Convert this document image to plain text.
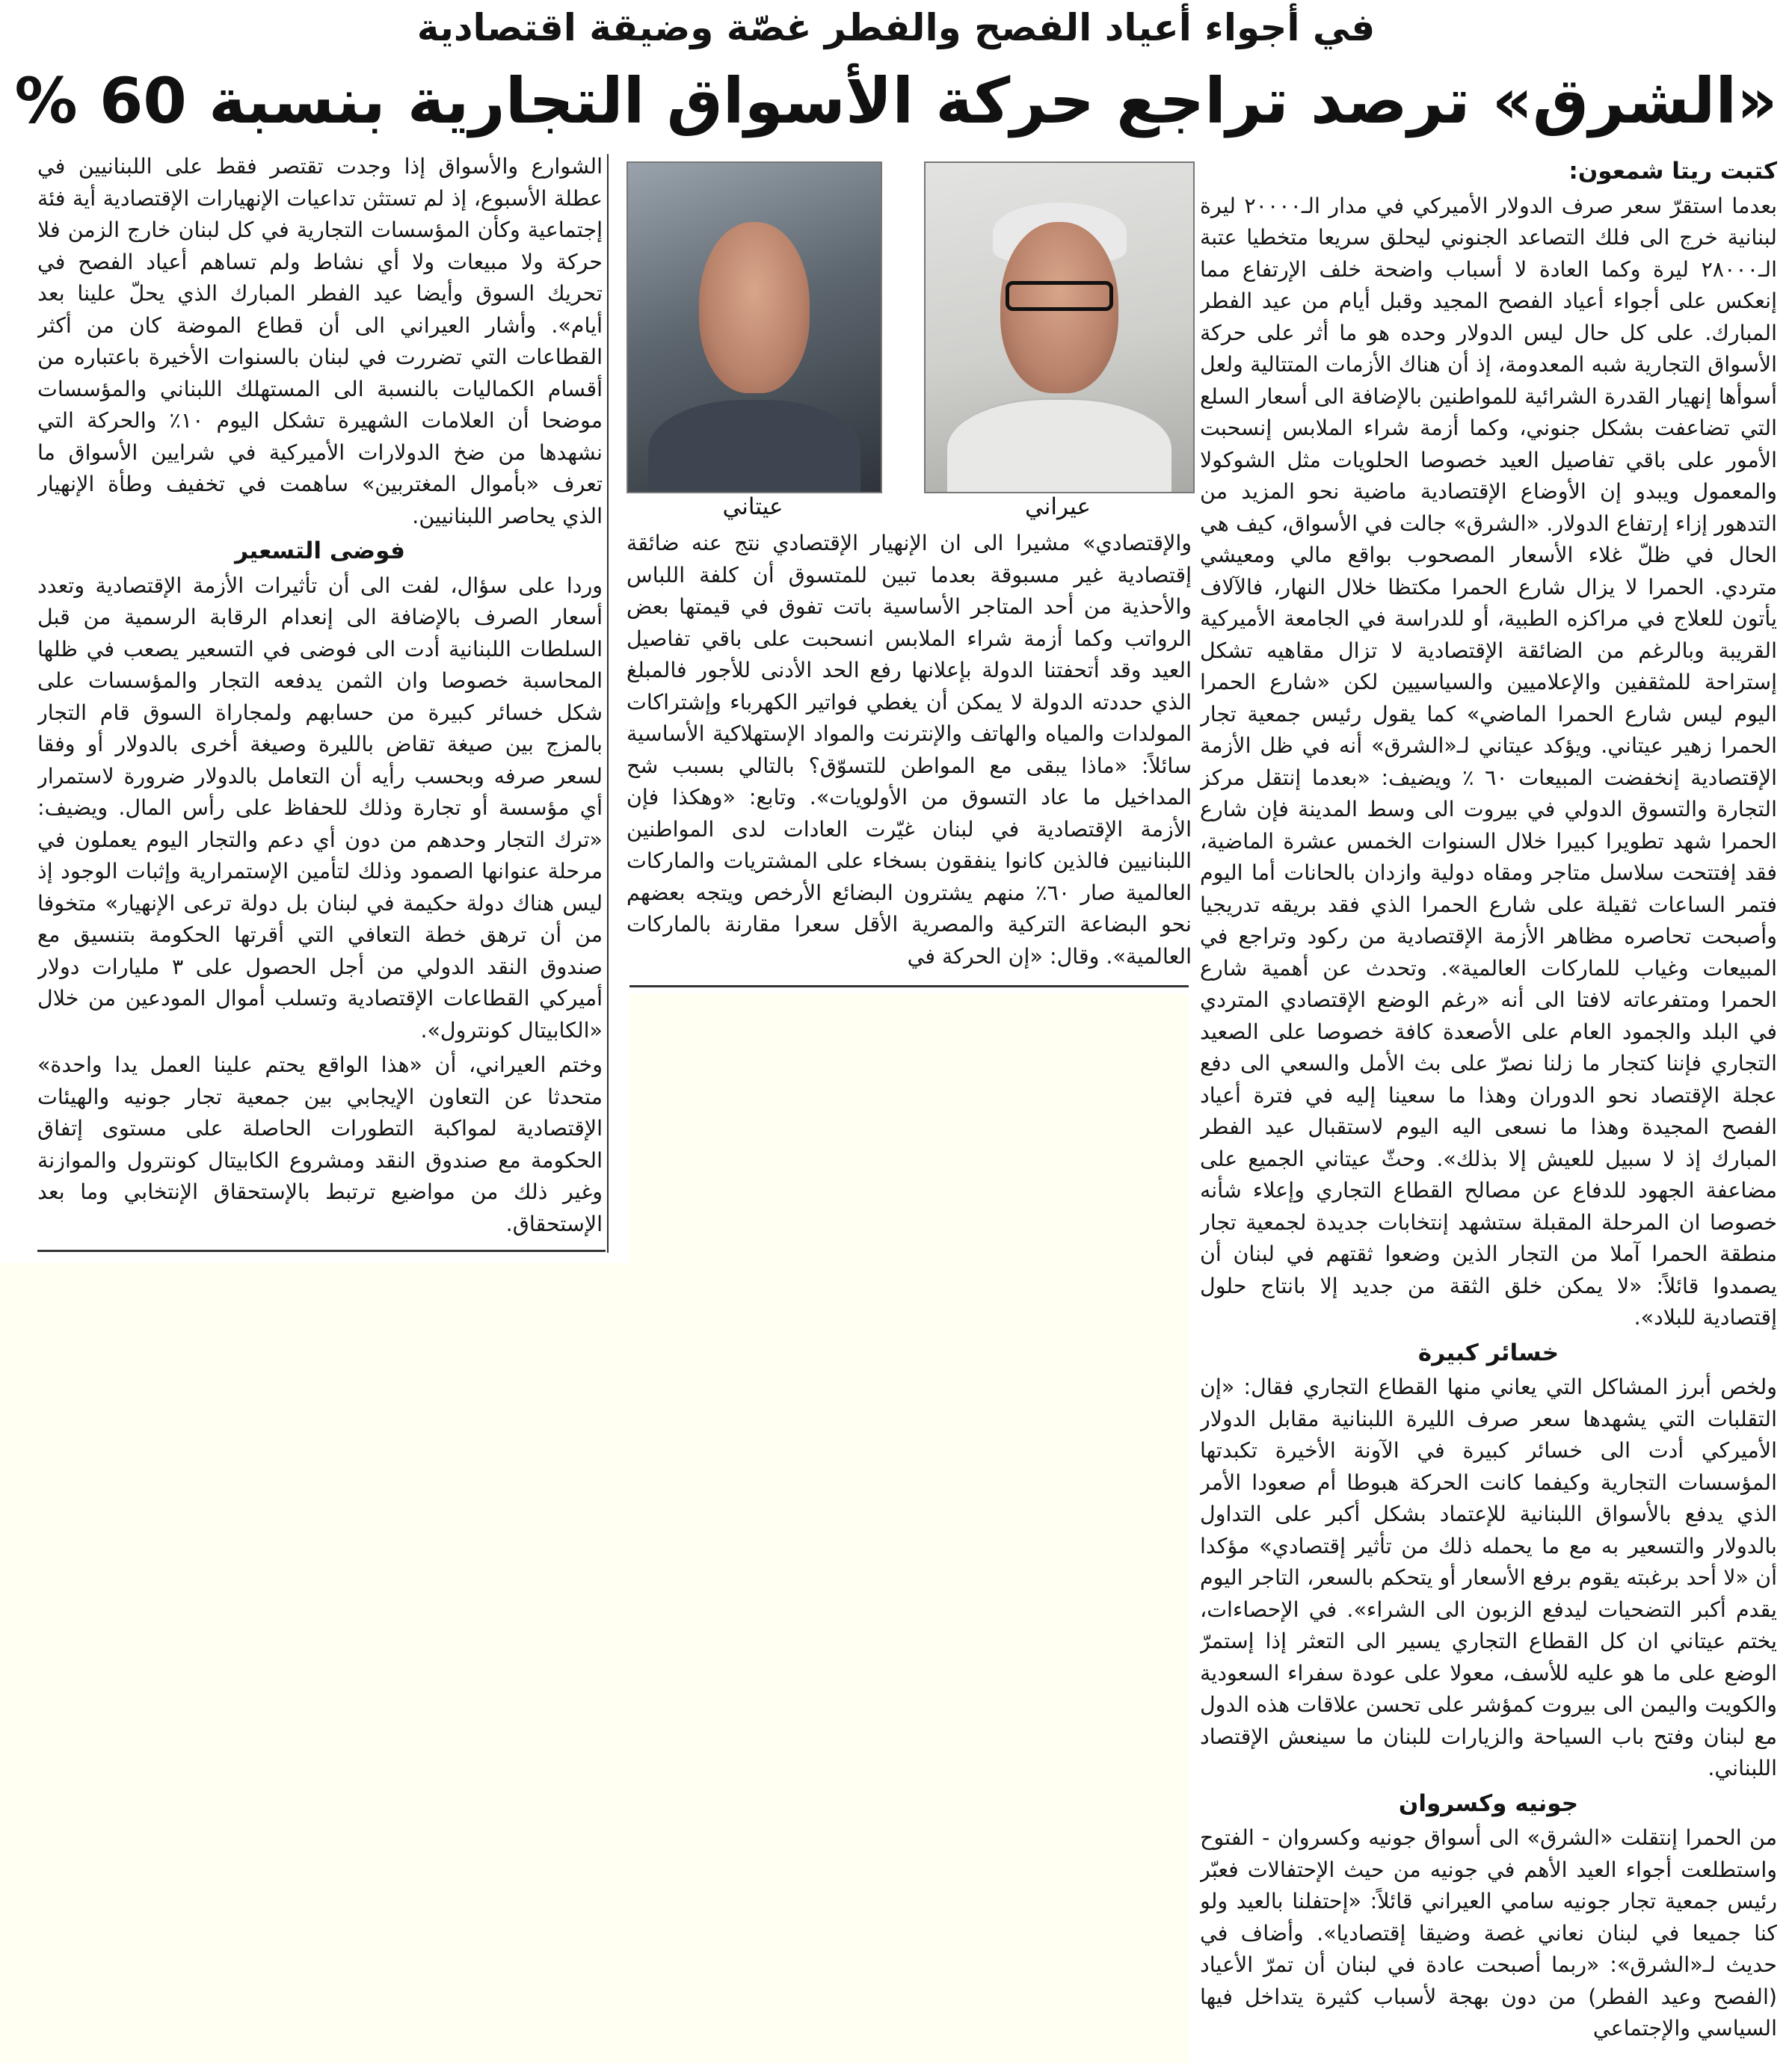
في أجواء أعياد الفصح والفطر غصّة وضيقة اقتصادية
«الشرق» ترصد تراجع حركة الأسواق التجارية بنسبة 60 %

كتبت ريتا شمعون:

بعدما استقرّ سعر صرف الدولار الأميركي في مدار الـ٢٠٠٠٠ ليرة لبنانية خرج الى فلك التصاعد الجنوني ليحلق سريعا متخطيا عتبة الـ٢٨٠٠٠ ليرة وكما العادة لا أسباب واضحة خلف الإرتفاع مما إنعكس على أجواء أعياد الفصح المجيد وقبل أيام من عيد الفطر المبارك. على كل حال ليس الدولار وحده هو ما أثر على حركة الأسواق التجارية شبه المعدومة، إذ أن هناك الأزمات المتتالية ولعل أسوأها إنهيار القدرة الشرائية للمواطنين بالإضافة الى أسعار السلع التي تضاعفت بشكل جنوني، وكما أزمة شراء الملابس إنسحبت الأمور على باقي تفاصيل العيد خصوصا الحلويات مثل الشوكولا والمعمول ويبدو إن الأوضاع الإقتصادية ماضية نحو المزيد من التدهور إزاء إرتفاع الدولار. «الشرق» جالت في الأسواق، كيف هي الحال في ظلّ غلاء الأسعار المصحوب بواقع مالي ومعيشي متردي. الحمرا لا يزال شارع الحمرا مكتظا خلال النهار، فالآلاف يأتون للعلاج في مراكزه الطبية، أو للدراسة في الجامعة الأميركية القريبة وبالرغم من الضائقة الإقتصادية لا تزال مقاهيه تشكل إستراحة للمثقفين والإعلاميين والسياسيين لكن «شارع الحمرا اليوم ليس شارع الحمرا الماضي» كما يقول رئيس جمعية تجار الحمرا زهير عيتاني. ويؤكد عيتاني لـ«الشرق» أنه في ظل الأزمة الإقتصادية إنخفضت المبيعات ٦٠ ٪ ويضيف: «بعدما إنتقل مركز التجارة والتسوق الدولي في بيروت الى وسط المدينة فإن شارع الحمرا شهد تطويرا كبيرا خلال السنوات الخمس عشرة الماضية، فقد إفتتحت سلاسل متاجر ومقاه دولية وازدان بالحانات أما اليوم فتمر الساعات ثقيلة على شارع الحمرا الذي فقد بريقه تدريجيا وأصبحت تحاصره مظاهر الأزمة الإقتصادية من ركود وتراجع في المبيعات وغياب للماركات العالمية». وتحدث عن أهمية شارع الحمرا ومتفرعاته لافتا الى أنه «رغم الوضع الإقتصادي المتردي في البلد والجمود العام على الأصعدة كافة خصوصا على الصعيد التجاري فإننا كتجار ما زلنا نصرّ على بث الأمل والسعي الى دفع عجلة الإقتصاد نحو الدوران وهذا ما سعينا إليه في فترة أعياد الفصح المجيدة وهذا ما نسعى اليه اليوم لاستقبال عيد الفطر المبارك إذ لا سبيل للعيش إلا بذلك». وحثّ عيتاني الجميع على مضاعفة الجهود للدفاع عن مصالح القطاع التجاري وإعلاء شأنه خصوصا ان المرحلة المقبلة ستشهد إنتخابات جديدة لجمعية تجار منطقة الحمرا آملا من التجار الذين وضعوا ثقتهم في لبنان أن يصمدوا قائلاً: «لا يمكن خلق الثقة من جديد إلا بانتاج حلول إقتصادية للبلاد».

خسائر كبيرة

ولخص أبرز المشاكل التي يعاني منها القطاع التجاري فقال: «إن التقلبات التي يشهدها سعر صرف الليرة اللبنانية مقابل الدولار الأميركي أدت الى خسائر كبيرة في الآونة الأخيرة تكبدتها المؤسسات التجارية وكيفما كانت الحركة هبوطا أم صعودا الأمر الذي يدفع بالأسواق اللبنانية للإعتماد بشكل أكبر على التداول بالدولار والتسعير به مع ما يحمله ذلك من تأثير إقتصادي» مؤكدا أن «لا أحد برغبته يقوم برفع الأسعار أو يتحكم بالسعر، التاجر اليوم يقدم أكبر التضحيات ليدفع الزبون الى الشراء». في الإحصاءات، يختم عيتاني ان كل القطاع التجاري يسير الى التعثر إذا إستمرّ الوضع على ما هو عليه للأسف، معولا على عودة سفراء السعودية والكويت واليمن الى بيروت كمؤشر على تحسن علاقات هذه الدول مع لبنان وفتح باب السياحة والزيارات للبنان ما سينعش الإقتصاد اللبناني.

جونيه وكسروان

من الحمرا إنتقلت «الشرق» الى أسواق جونيه وكسروان - الفتوح واستطلعت أجواء العيد الأهم في جونيه من حيث الإحتفالات فعبّر رئيس جمعية تجار جونيه سامي العيراني قائلاً: «إحتفلنا بالعيد ولو كنا جميعا في لبنان نعاني غصة وضيقا إقتصاديا». وأضاف في حديث لـ«الشرق»: «ربما أصبحت عادة في لبنان أن تمرّ الأعياد (الفصح وعيد الفطر) من دون بهجة لأسباب كثيرة يتداخل فيها السياسي والإجتماعي

عيراني
عيتاني

والإقتصادي» مشيرا الى ان الإنهيار الإقتصادي نتج عنه ضائقة إقتصادية غير مسبوقة بعدما تبين للمتسوق أن كلفة اللباس والأحذية من أحد المتاجر الأساسية باتت تفوق في قيمتها بعض الرواتب وكما أزمة شراء الملابس انسحبت على باقي تفاصيل العيد وقد أتحفتنا الدولة بإعلانها رفع الحد الأدنى للأجور فالمبلغ الذي حددته الدولة لا يمكن أن يغطي فواتير الكهرباء وإشتراكات المولدات والمياه والهاتف والإنترنت والمواد الإستهلاكية الأساسية سائلاً: «ماذا يبقى مع المواطن للتسوّق؟ بالتالي بسبب شح المداخيل ما عاد التسوق من الأولويات». وتابع: «وهكذا فإن الأزمة الإقتصادية في لبنان غيّرت العادات لدى المواطنين اللبنانيين فالذين كانوا ينفقون بسخاء على المشتريات والماركات العالمية صار ٦٠٪ منهم يشترون البضائع الأرخص ويتجه بعضهم نحو البضاعة التركية والمصرية الأقل سعرا مقارنة بالماركات العالمية». وقال: «إن الحركة في

الشوارع والأسواق إذا وجدت تقتصر فقط على اللبنانيين في عطلة الأسبوع، إذ لم تستثن تداعيات الإنهيارات الإقتصادية أية فئة إجتماعية وكأن المؤسسات التجارية في كل لبنان خارج الزمن فلا حركة ولا مبيعات ولا أي نشاط ولم تساهم أعياد الفصح في تحريك السوق وأيضا عيد الفطر المبارك الذي يحلّ علينا بعد أيام». وأشار العيراني الى أن قطاع الموضة كان من أكثر القطاعات التي تضررت في لبنان بالسنوات الأخيرة باعتباره من أقسام الكماليات بالنسبة الى المستهلك اللبناني والمؤسسات موضحا أن العلامات الشهيرة تشكل اليوم ١٠٪ والحركة التي نشهدها من ضخ الدولارات الأميركية في شرايين الأسواق ما تعرف «بأموال المغتربين» ساهمت في تخفيف وطأة الإنهيار الذي يحاصر اللبنانيين.

فوضى التسعير

وردا على سؤال، لفت الى أن تأثيرات الأزمة الإقتصادية وتعدد أسعار الصرف بالإضافة الى إنعدام الرقابة الرسمية من قبل السلطات اللبنانية أدت الى فوضى في التسعير يصعب في ظلها المحاسبة خصوصا وان الثمن يدفعه التجار والمؤسسات على شكل خسائر كبيرة من حسابهم ولمجاراة السوق قام التجار بالمزج بين صيغة تقاض بالليرة وصيغة أخرى بالدولار أو وفقا لسعر صرفه وبحسب رأيه أن التعامل بالدولار ضرورة لاستمرار أي مؤسسة أو تجارة وذلك للحفاظ على رأس المال. ويضيف: «ترك التجار وحدهم من دون أي دعم والتجار اليوم يعملون في مرحلة عنوانها الصمود وذلك لتأمين الإستمرارية وإثبات الوجود إذ ليس هناك دولة حكيمة في لبنان بل دولة ترعى الإنهيار» متخوفا من أن ترهق خطة التعافي التي أقرتها الحكومة بتنسيق مع صندوق النقد الدولي من أجل الحصول على ٣ مليارات دولار أميركي القطاعات الإقتصادية وتسلب أموال المودعين من خلال «الكابيتال كونترول».

وختم العيراني، أن «هذا الواقع يحتم علينا العمل يدا واحدة» متحدثا عن التعاون الإيجابي بين جمعية تجار جونيه والهيئات الإقتصادية لمواكبة التطورات الحاصلة على مستوى إتفاق الحكومة مع صندوق النقد ومشروع الكابيتال كونترول والموازنة وغير ذلك من مواضيع ترتبط بالإستحقاق الإنتخابي وما بعد الإستحقاق.
